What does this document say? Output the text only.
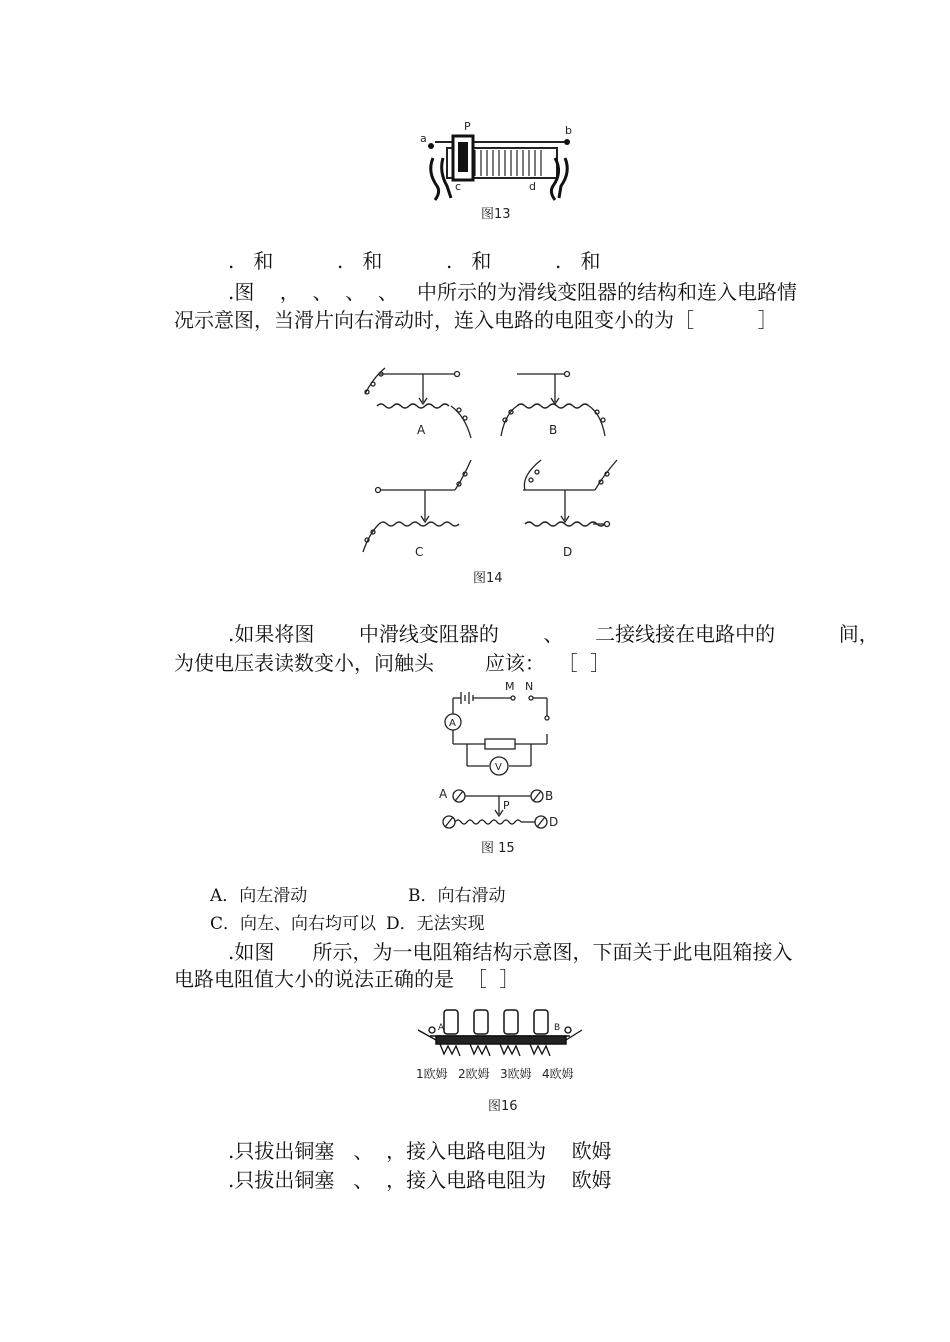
a
P	b
c	d
图13
.   和          .   和          .   和          .   和
.图    ，  、  、  、   中所示的为滑线变阻器的结构和连入电路情
况示意图，当滑片向右滑动时，连入电路的电阻变小的为［          ］
A	B
C	D
图14
.如果将图       中滑线变阻器的       、     二接线接在电路中的          间，
为使电压表读数变小，问触头        应该：  ［  ］
M N
A
V
A
P
B
D
图 15
A．向左滑动	B．向右滑动
C．向左、向右均可以 D．无法实现
.如图      所示，为一电阻箱结构示意图，下面关于此电阻箱接入
电路电阻值大小的说法正确的是  ［  ］
A	B
1欧姆 2欧姆 3欧姆 4欧姆
图16
.只拔出铜塞   、  ，接入电路电阻为    欧姆
.只拔出铜塞   、  ，接入电路电阻为    欧姆
